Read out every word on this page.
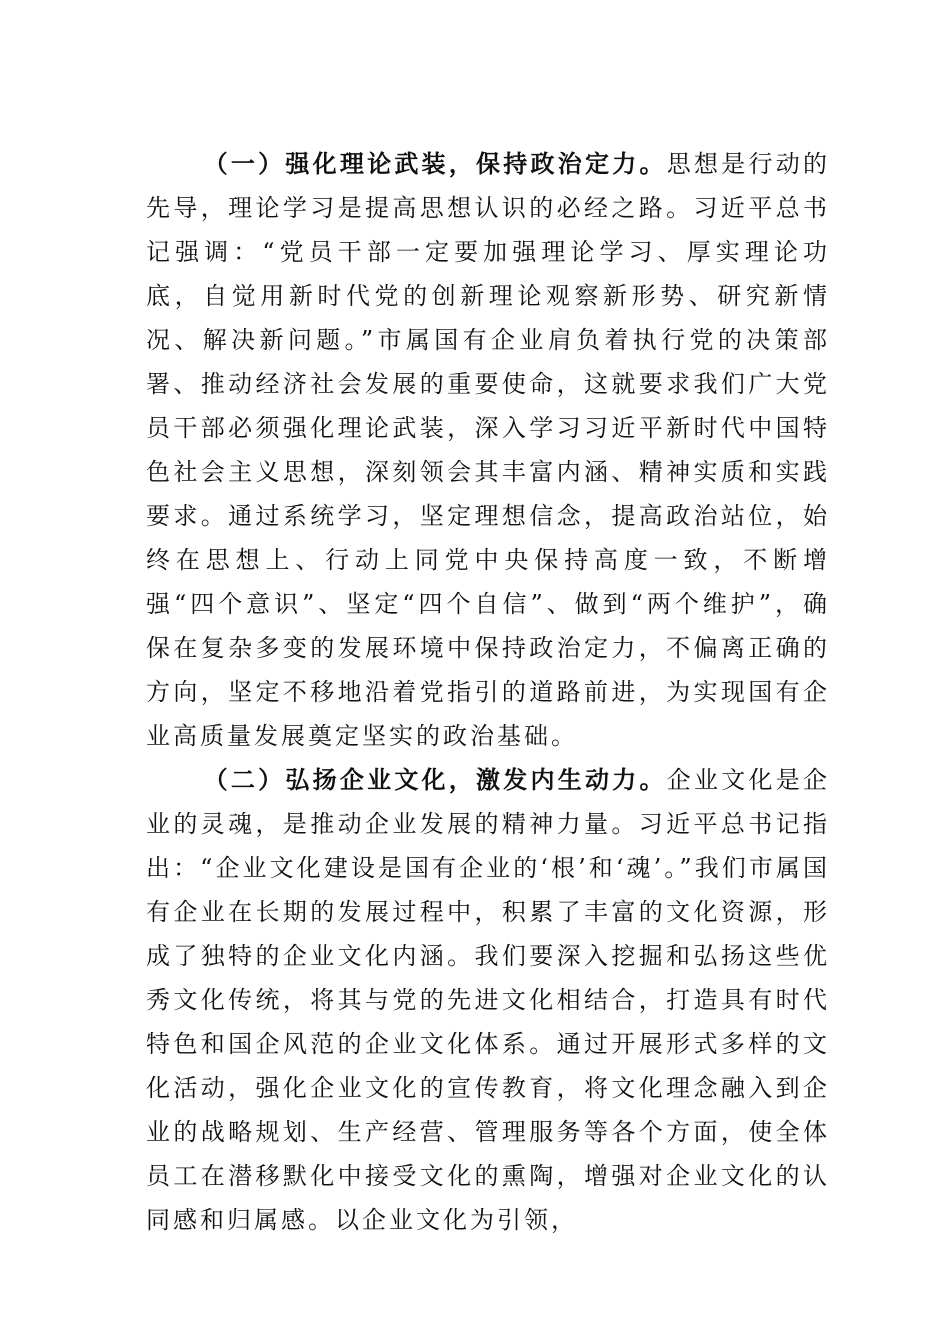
（一）强化理论武装，保持政治定力。思想是行动的先导，理论学习是提高思想认识的必经之路。习近平总书记强调：“党员干部一定要加强理论学习、厚实理论功底，自觉用新时代党的创新理论观察新形势、研究新情况、解决新问题。”市属国有企业肩负着执行党的决策部署、推动经济社会发展的重要使命，这就要求我们广大党员干部必须强化理论武装，深入学习习近平新时代中国特色社会主义思想，深刻领会其丰富内涵、精神实质和实践要求。通过系统学习，坚定理想信念，提高政治站位，始终在思想上、行动上同党中央保持高度一致，不断增强“四个意识”、坚定“四个自信”、做到“两个维护”，确保在复杂多变的发展环境中保持政治定力，不偏离正确的方向，坚定不移地沿着党指引的道路前进，为实现国有企业高质量发展奠定坚实的政治基础。

（二）弘扬企业文化，激发内生动力。企业文化是企业的灵魂，是推动企业发展的精神力量。习近平总书记指出：“企业文化建设是国有企业的‘根’和‘魂’。”我们市属国有企业在长期的发展过程中，积累了丰富的文化资源，形成了独特的企业文化内涵。我们要深入挖掘和弘扬这些优秀文化传统，将其与党的先进文化相结合，打造具有时代特色和国企风范的企业文化体系。通过开展形式多样的文化活动，强化企业文化的宣传教育，将文化理念融入到企业的战略规划、生产经营、管理服务等各个方面，使全体员工在潜移默化中接受文化的熏陶，增强对企业文化的认同感和归属感。以企业文化为引领，
